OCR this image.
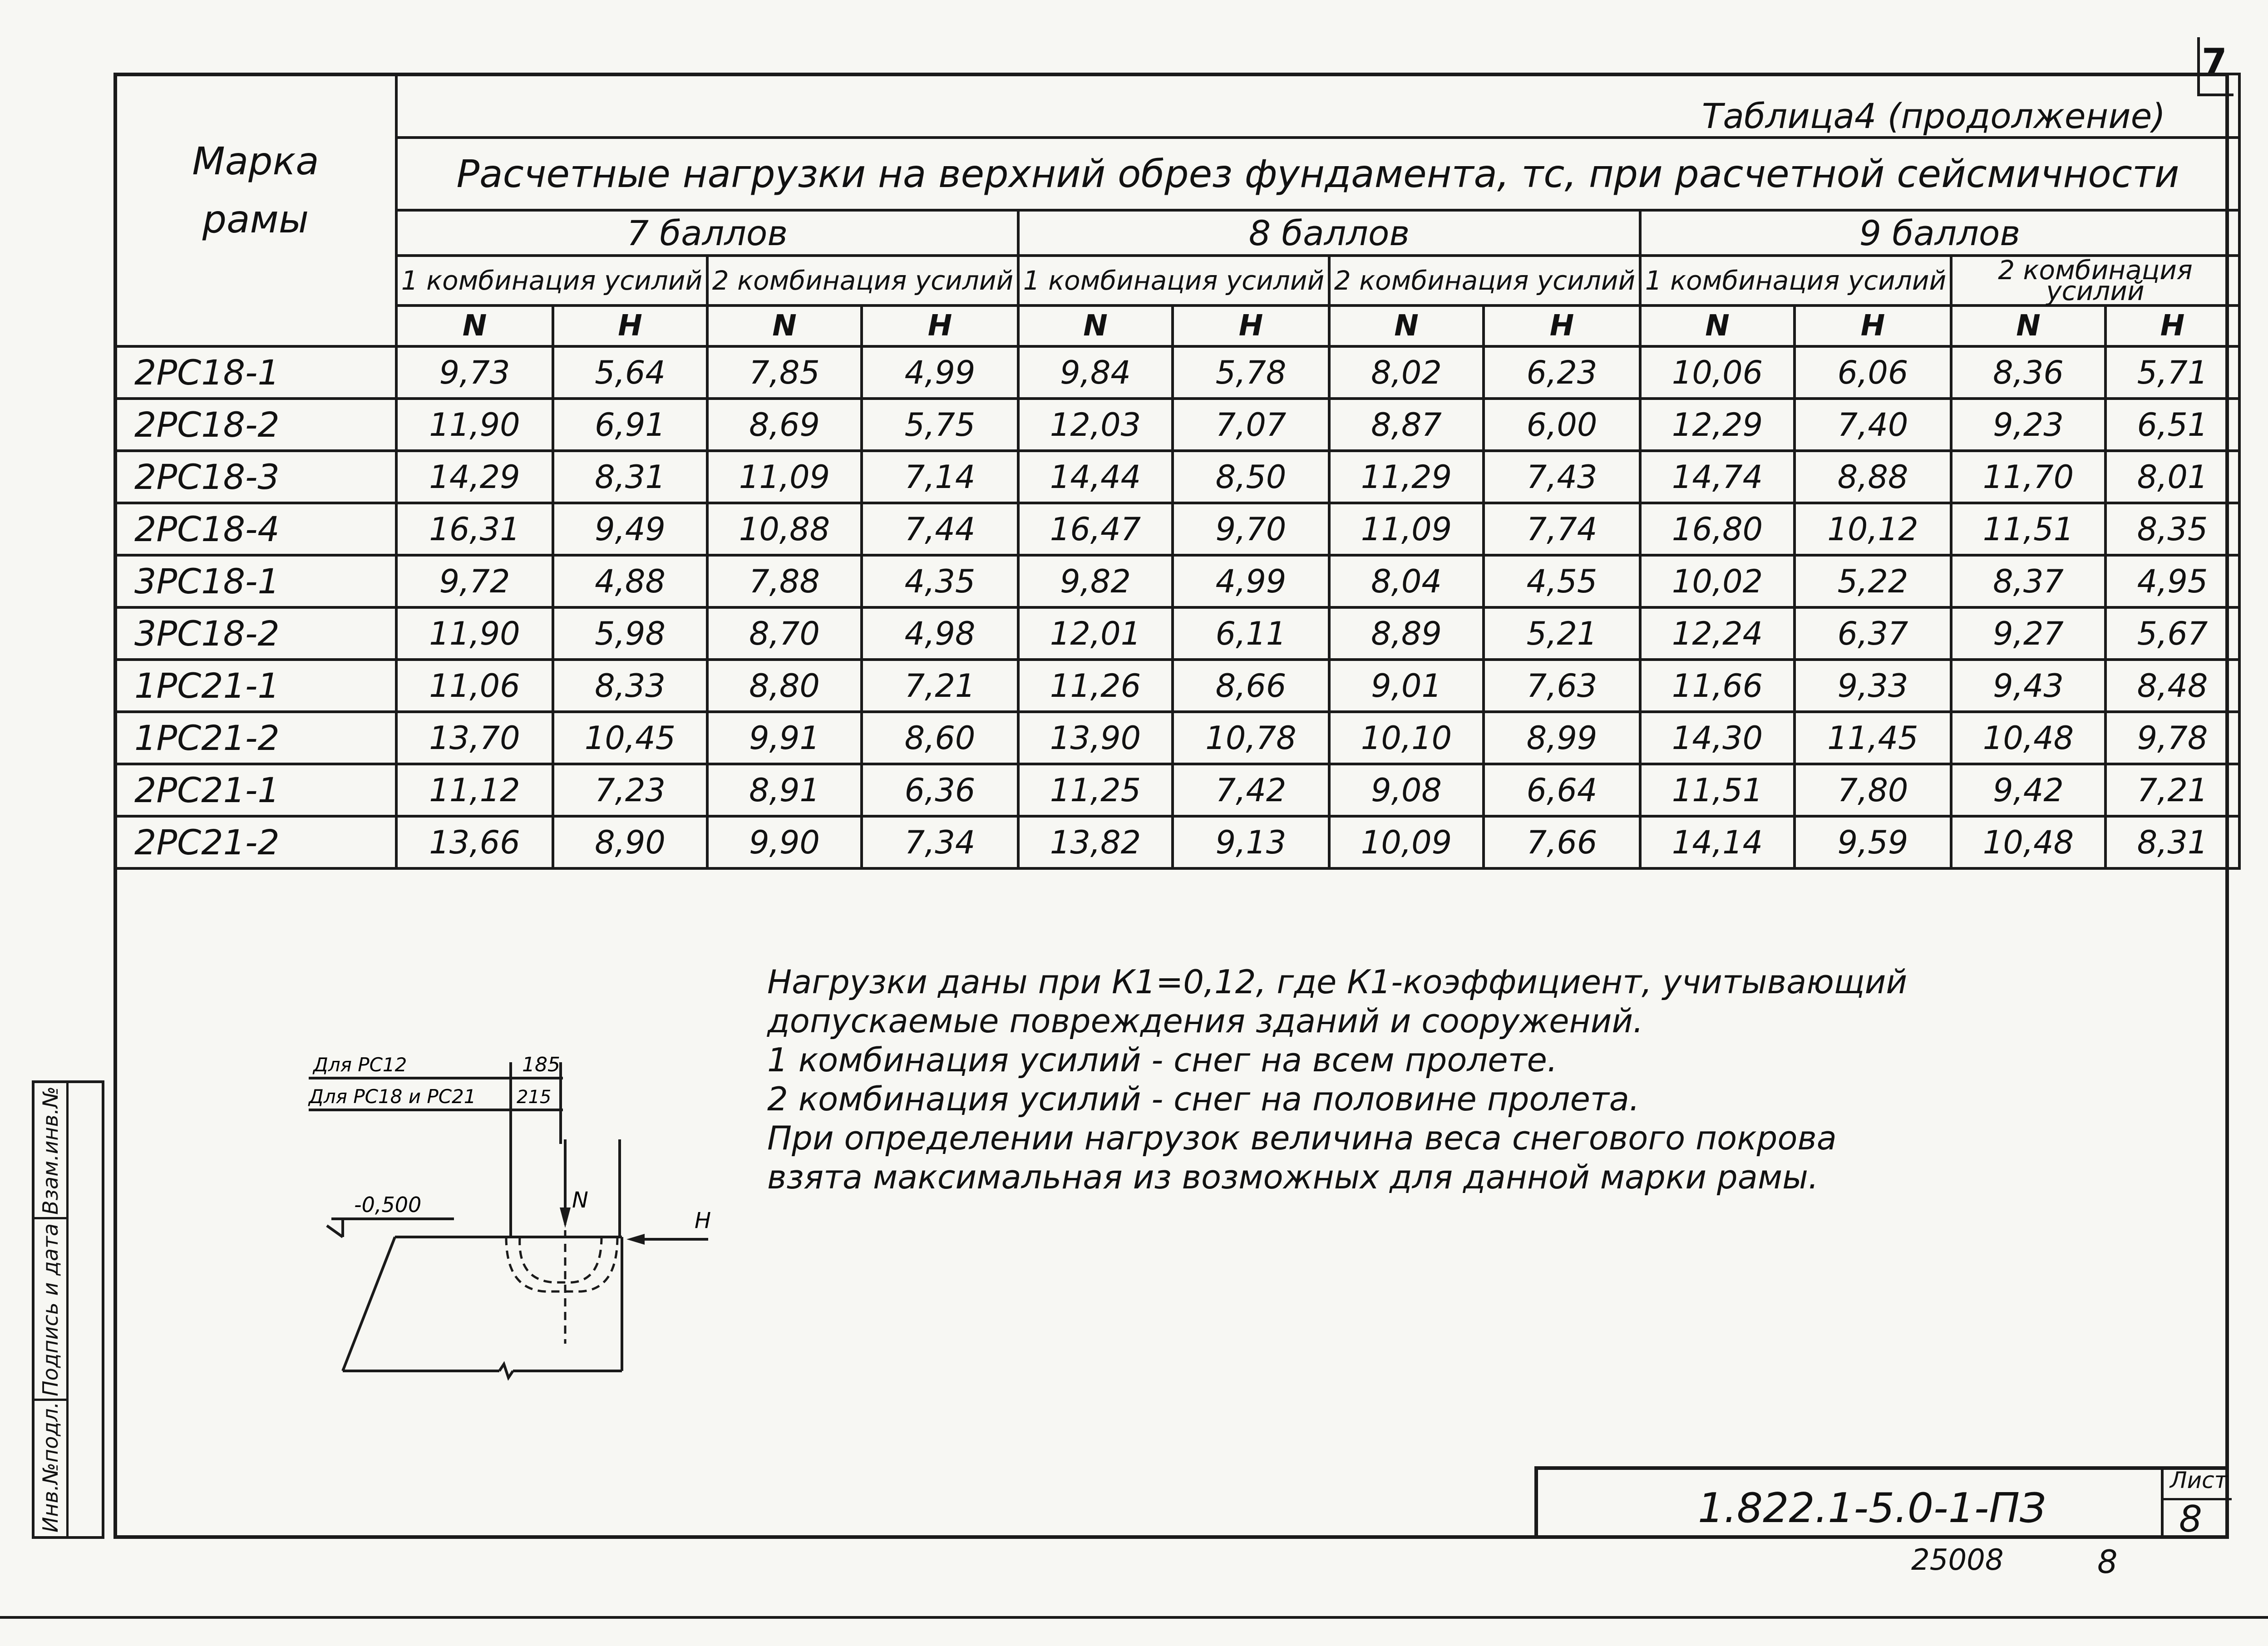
7
Марка
рамы	Таблица4 (продолжение)											
	Расчетные нагрузки на верхний обрез фундамента, тс, при расчетной сейсмичности											
	7 баллов				8 баллов				9 баллов			
	1 комбинация усилий		2 комбинация усилий		1 комбинация усилий		2 комбинация усилий		1 комбинация усилий		2 комбинация усилий	
	N	H	N	H	N	H	N	H	N	H	N	H
2РС18-1	9,73	5,64	7,85	4,99	9,84	5,78	8,02	6,23	10,06	6,06	8,36	5,71
2РС18-2	11,90	6,91	8,69	5,75	12,03	7,07	8,87	6,00	12,29	7,40	9,23	6,51
2РС18-3	14,29	8,31	11,09	7,14	14,44	8,50	11,29	7,43	14,74	8,88	11,70	8,01
2РС18-4	16,31	9,49	10,88	7,44	16,47	9,70	11,09	7,74	16,80	10,12	11,51	8,35
3РС18-1	9,72	4,88	7,88	4,35	9,82	4,99	8,04	4,55	10,02	5,22	8,37	4,95
3РС18-2	11,90	5,98	8,70	4,98	12,01	6,11	8,89	5,21	12,24	6,37	9,27	5,67
1РС21-1	11,06	8,33	8,80	7,21	11,26	8,66	9,01	7,63	11,66	9,33	9,43	8,48
1РС21-2	13,70	10,45	9,91	8,60	13,90	10,78	10,10	8,99	14,30	11,45	10,48	9,78
2РС21-1	11,12	7,23	8,91	6,36	11,25	7,42	9,08	6,64	11,51	7,80	9,42	7,21
2РС21-2	13,66	8,90	9,90	7,34	13,82	9,13	10,09	7,66	14,14	9,59	10,48	8,31
Нагрузки даны при К1=0,12, где К1-коэффициент, учитывающий
допускаемые повреждения зданий и сооружений.
1 комбинация усилий - снег на всем пролете.
2 комбинация усилий - снег на половине пролета.
При определении нагрузок величина веса снегового покрова
взята максимальная из возможных для данной марки рамы.
Для РС12
Для РС18 и РС21
185
215
-0,500	N
H
Взам.инв.№
Подпись и дата
Инв.№подл.	1.822.1-5.0-1-ПЗ
Лист
8
25008	8
